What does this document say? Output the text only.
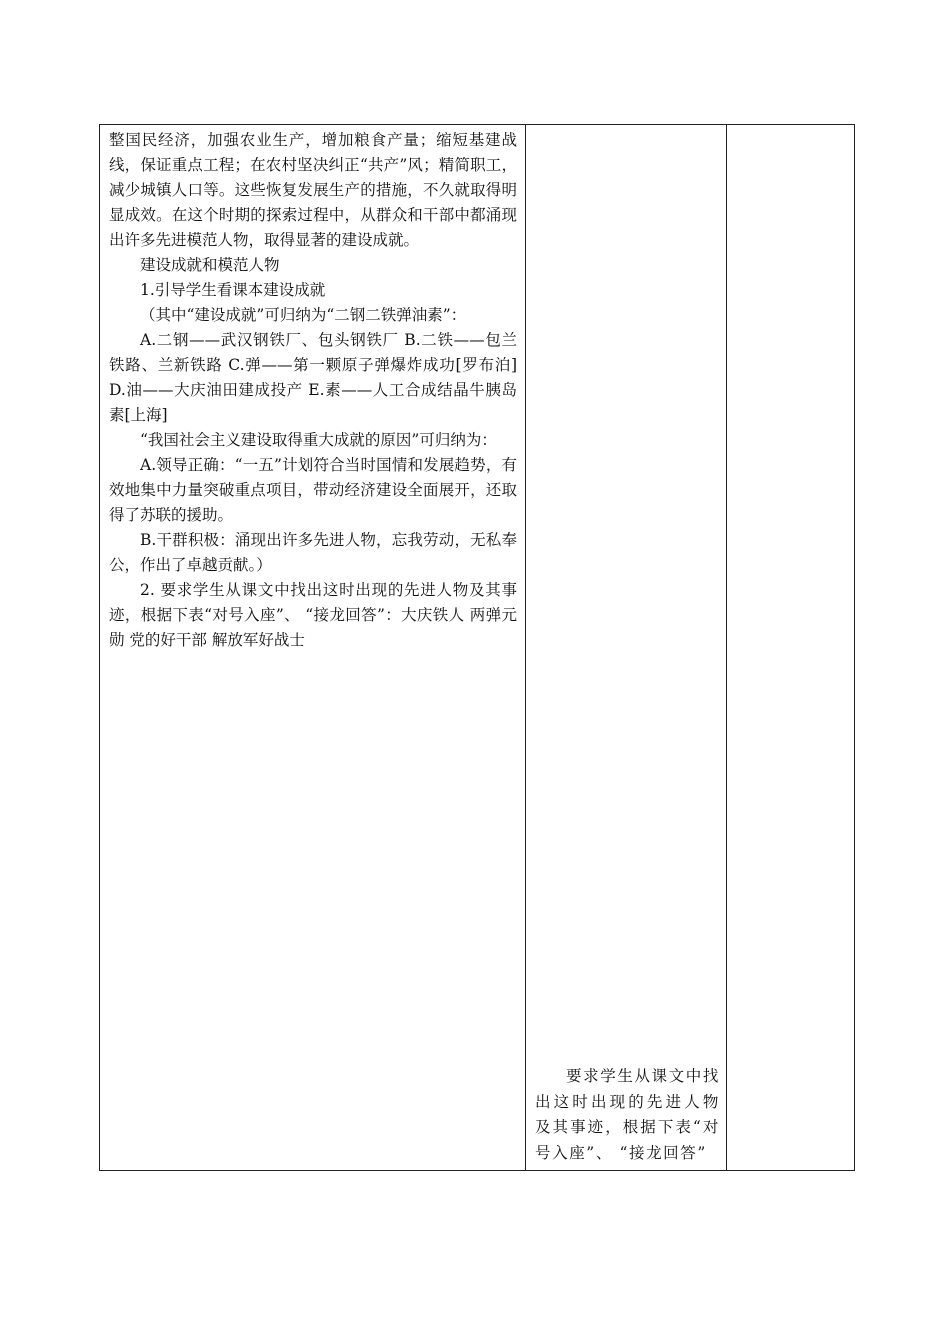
整国民经济，加强农业生产，增加粮食产量；缩短基建战线，保证重点工程；在农村坚决纠正“共产”风；精简职工，减少城镇人口等。这些恢复发展生产的措施，不久就取得明显成效。在这个时期的探索过程中，从群众和干部中都涌现出许多先进模范人物，取得显著的建设成就。

建设成就和模范人物

1.引导学生看课本建设成就

（其中“建设成就”可归纳为“二钢二铁弹油素”：

A.二钢——武汉钢铁厂、包头钢铁厂 B.二铁——包兰铁路、兰新铁路 C.弹——第一颗原子弹爆炸成功[罗布泊] D.油——大庆油田建成投产 E.素——人工合成结晶牛胰岛素[上海]

“我国社会主义建设取得重大成就的原因”可归纳为：

A.领导正确：“一五”计划符合当时国情和发展趋势，有效地集中力量突破重点项目，带动经济建设全面展开，还取得了苏联的援助。

B.干群积极：涌现出许多先进人物，忘我劳动，无私奉公，作出了卓越贡献。）

2. 要求学生从课文中找出这时出现的先进人物及其事迹，根据下表“对号入座”、 “接龙回答”：大庆铁人 两弹元勋 党的好干部 解放军好战士

要求学生从课文中找出这时出现的先进人物及其事迹，根据下表“对号入座”、 “接龙回答”
